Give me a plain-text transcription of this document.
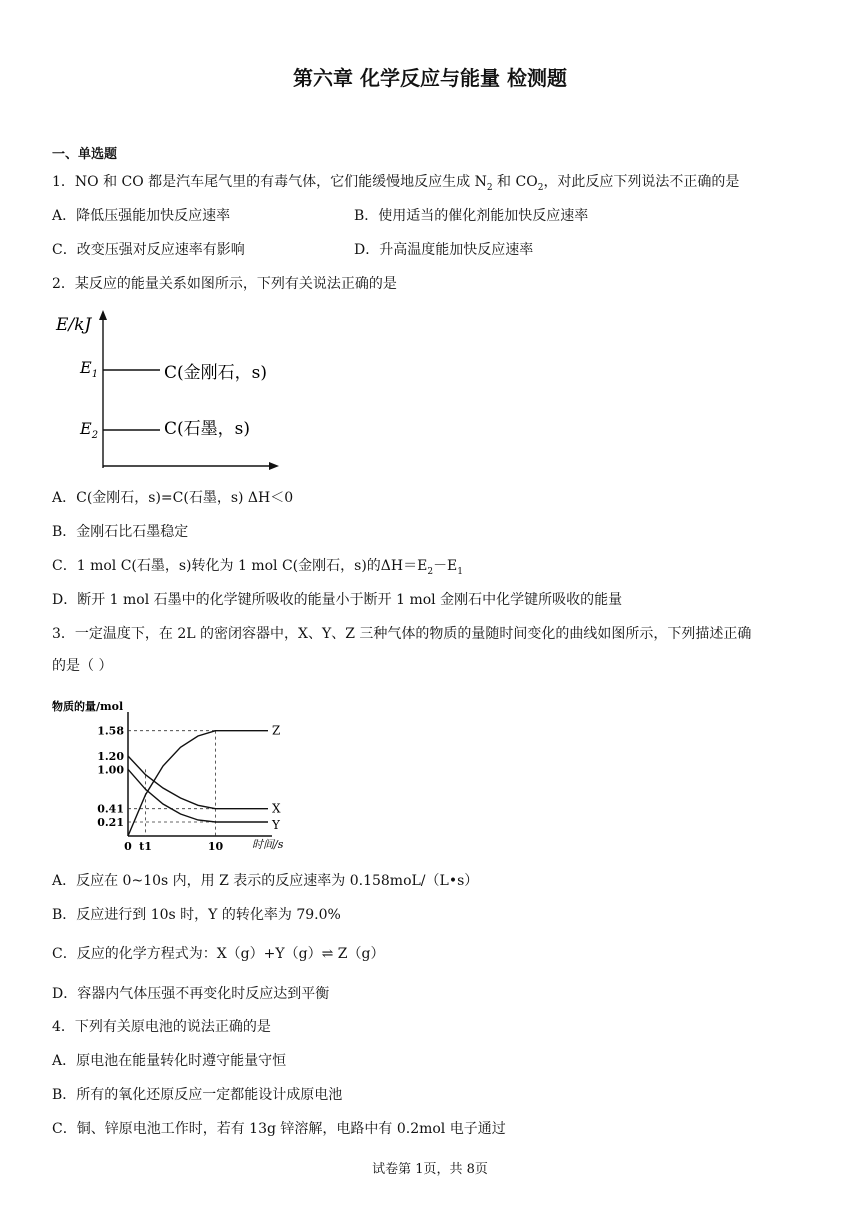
第六章 化学反应与能量 检测题
一、单选题
1．NO 和 CO 都是汽车尾气里的有毒气体，它们能缓慢地反应生成 $N_2$ 和 $CO_2$，对此反应下列说法不正确的是
A．降低压强能加快反应速率	B．使用适当的催化剂能加快反应速率
C．改变压强对反应速率有影响	D．升高温度能加快反应速率
2．某反应的能量关系如图所示，下列有关说法正确的是
E/kJ
$E_1$
$E_2$
C(金刚石，s)
C(石墨，s)
A．C(金刚石，s)=C(石墨，s) ΔH＜0
B．金刚石比石墨稳定
C．1 mol C(石墨，s)转化为 1 mol C(金刚石，s)的$\Delta H=E_2-E_1$
D．断开 1 mol 石墨中的化学键所吸收的能量小于断开 1 mol 金刚石中化学键所吸收的能量
3．一定温度下，在 2L 的密闭容器中，X、Y、Z 三种气体的物质的量随时间变化的曲线如图所示，下列描述正确
的是（ ）
物质的量/mol
时间/s
1.58
1.20
1.00
0.41
0.21
0 t1	10
Z
X
Y
A．反应在 0~10s 内，用 Z 表示的反应速率为 0.158moL/（L•s）
B．反应进行到 10s 时，Y 的转化率为 79.0%
C．反应的化学方程式为：X（g）+Y（g）⇌ Z（g）
D．容器内气体压强不再变化时反应达到平衡
4．下列有关原电池的说法正确的是
A．原电池在能量转化时遵守能量守恒
B．所有的氧化还原反应一定都能设计成原电池
C．铜、锌原电池工作时，若有 13g 锌溶解，电路中有 0.2mol 电子通过
试卷第 1页，共 8页
